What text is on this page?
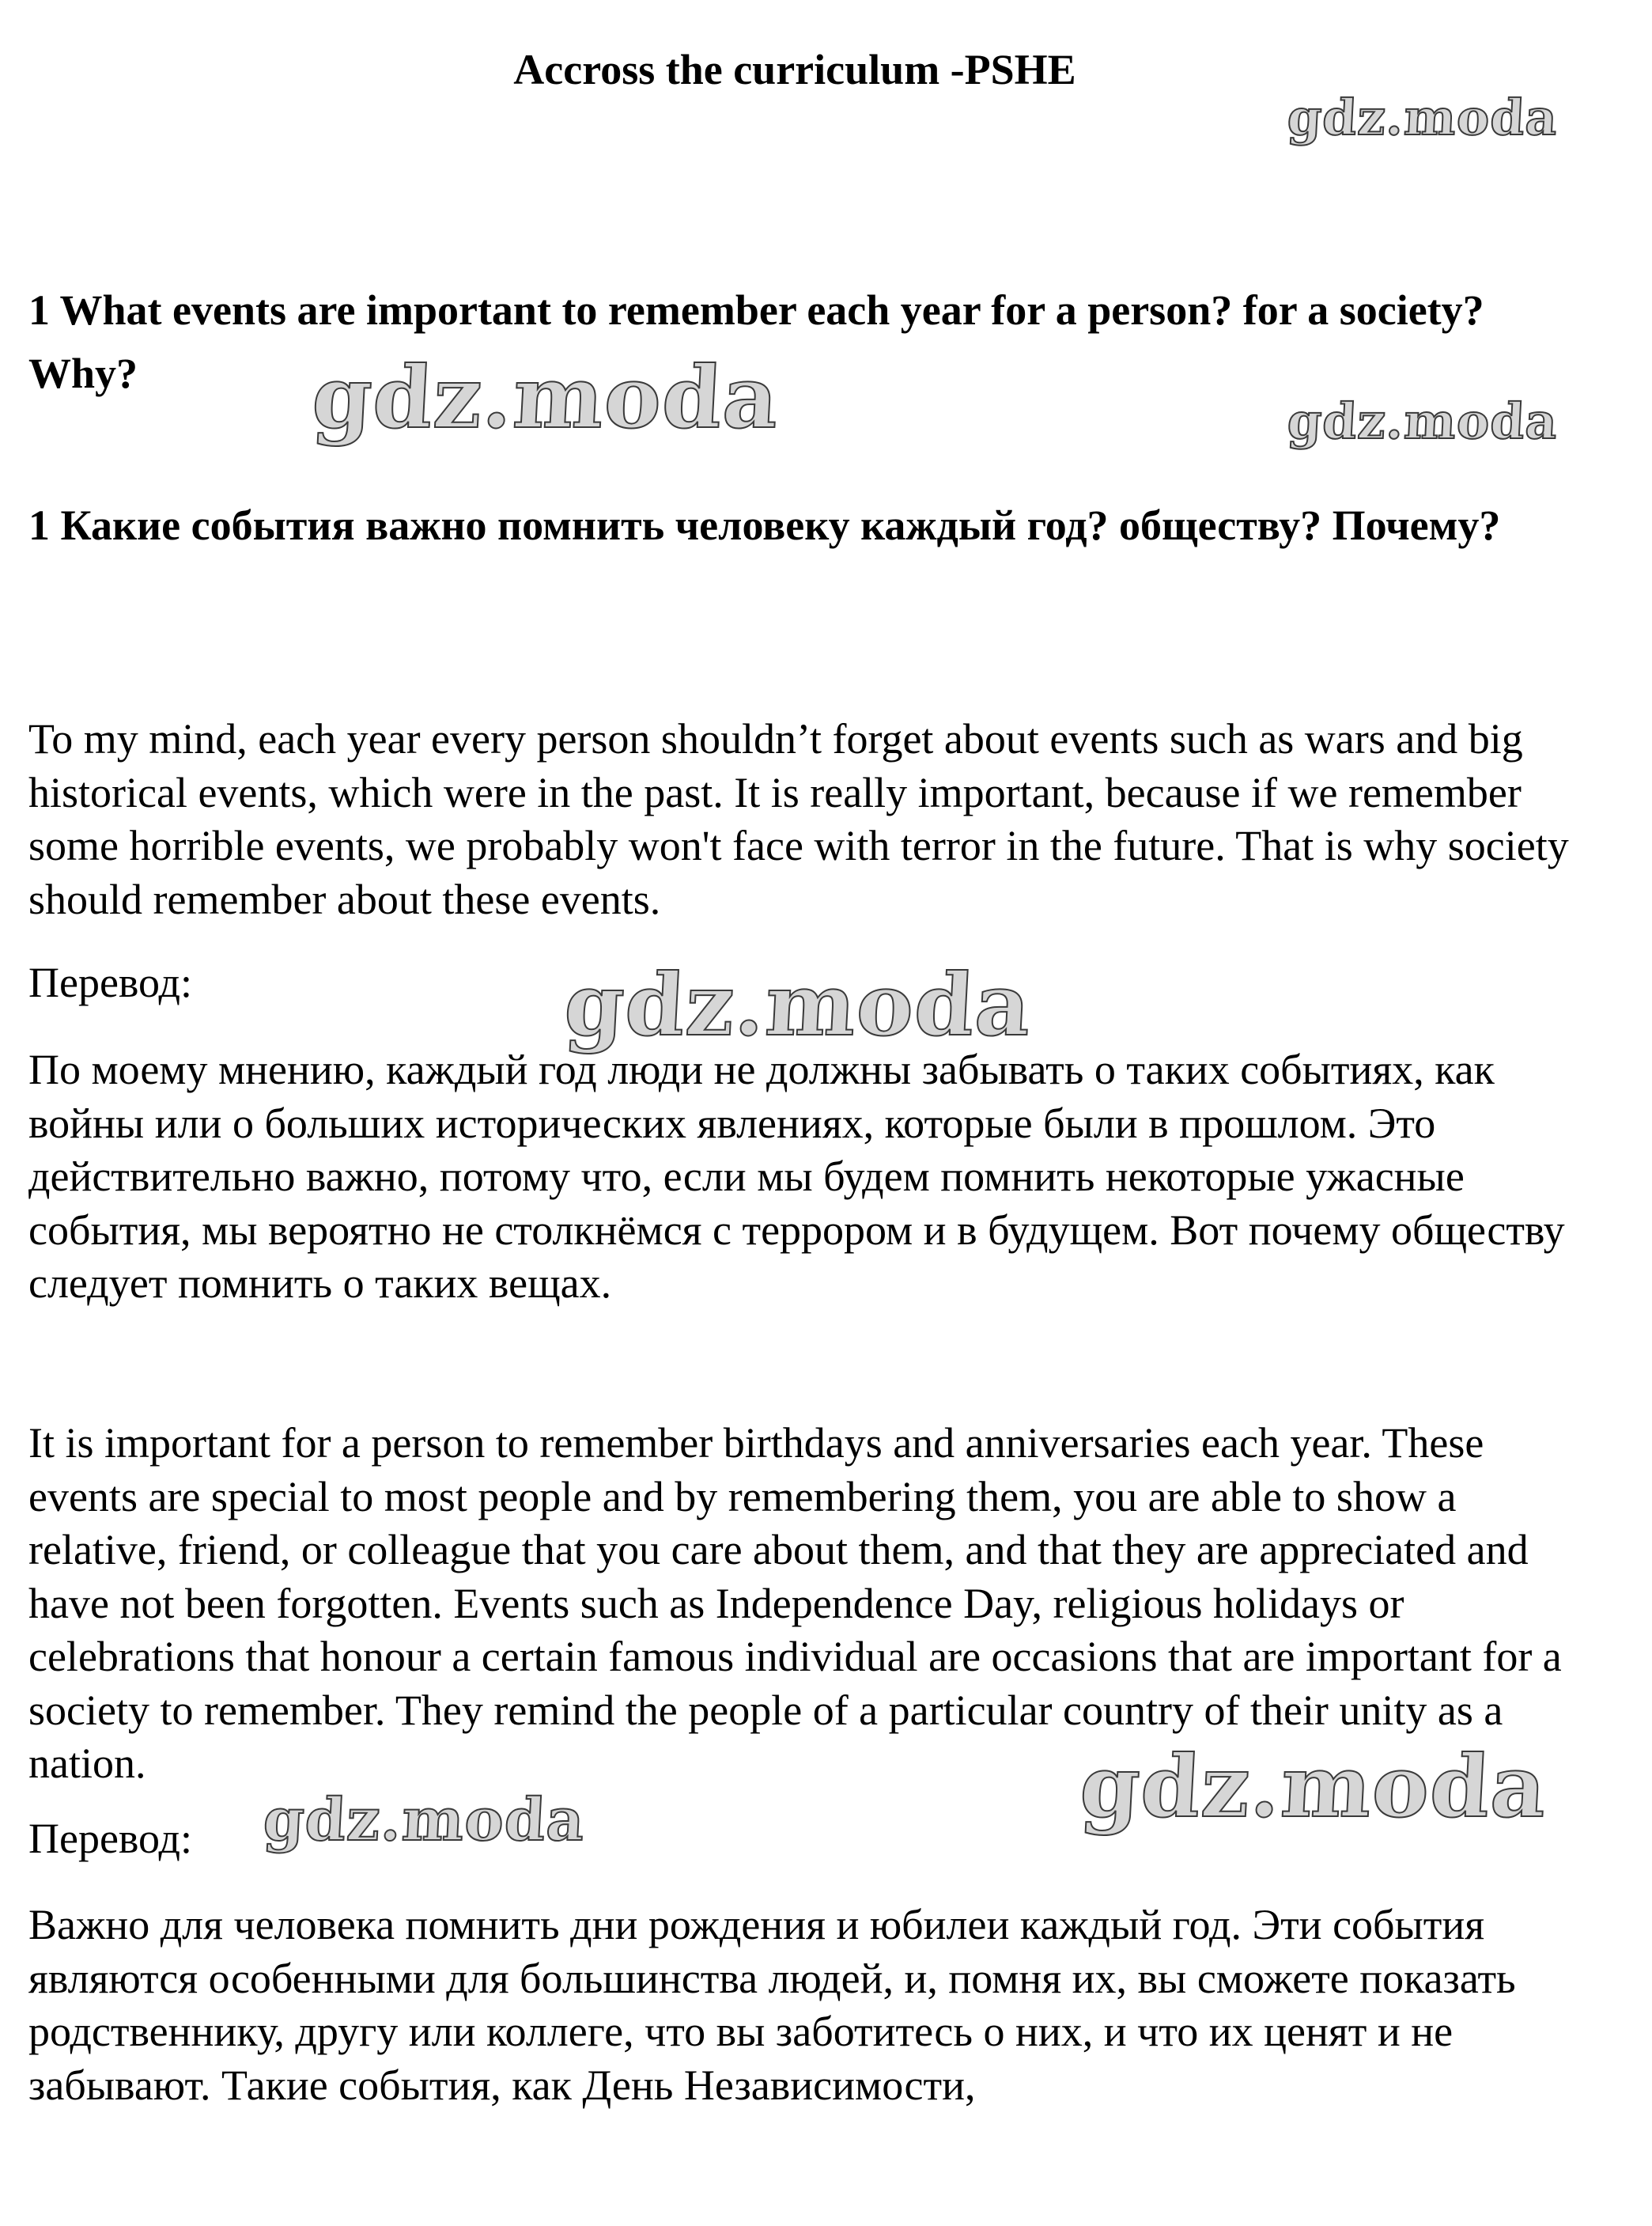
Accross the curriculum -PSHE
gdz.moda

1 What events are important to remember each year for a person? for a society? Why?	gdz.moda	gdz.moda

1 Какие события важно помнить человеку каждый год? обществу? Почему?

To my mind, each year every person shouldn’t forget about events such as wars and big historical events, which were in the past. It is really important, because if we remember some horrible events, we probably won't face with terror in the future. That is why society should remember about these events.

Перевод:	gdz.moda

По моему мнению, каждый год люди не должны забывать о таких событиях, как войны или о больших исторических явлениях, которые были в прошлом. Это действительно важно, потому что, если мы будем помнить некоторые ужасные события, мы вероятно не столкнёмся с террором и в будущем. Вот почему обществу следует помнить о таких вещах.

It is important for a person to remember birthdays and anniversaries each year. These events are special to most people and by remembering them, you are able to show a relative, friend, or colleague that you care about them, and that they are appreciated and have not been forgotten. Events such as Independence Day, religious holidays or celebrations that honour a certain famous individual are occasions that are important for a society to remember. They remind the people of a particular country of their unity as a nation.	gdz.moda

Перевод:	gdz.moda

Важно для человека помнить дни рождения и юбилеи каждый год. Эти события являются особенными для большинства людей, и, помня их, вы сможете показать родственнику, другу или коллеге, что вы заботитесь о них, и что их ценят и не забывают. Такие события, как День Независимости,
